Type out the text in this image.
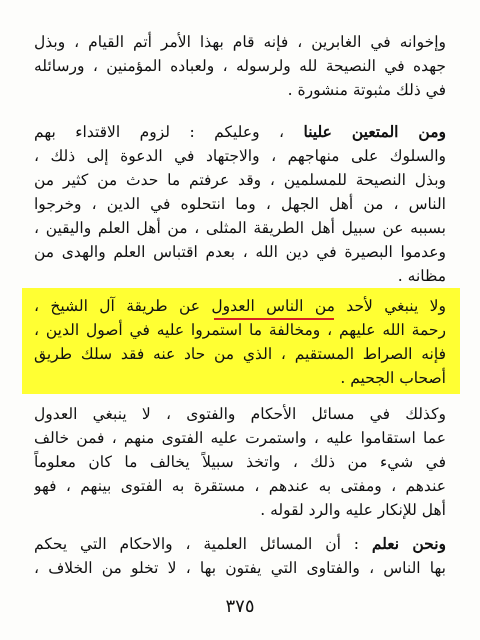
وإخوانه في الغابرين ، فإنه قام بهذا الأمر أتم القيام ، وبذل
جهده في النصيحة لله ولرسوله ، ولعباده المؤمنين ، ورسائله
في ذلك مثبوتة منشورة .
ومن المتعين علينا ، وعليكم : لزوم الاقتداء بهم
والسلوك على منهاجهم ، والاجتهاد في الدعوة إلى ذلك ،
وبذل النصيحة للمسلمين ، وقد عرفتم ما حدث من كثير من
الناس ، من أهل الجهل ، وما انتحلوه في الدين ، وخرجوا
بسببه عن سبيل أهل الطريقة المثلى ، من أهل العلم واليقين ،
وعدموا البصيرة في دين الله ، بعدم اقتباس العلم والهدى من
مظانه .
ولا ينبغي لأحد من الناس العدول عن طريقة آل الشيخ ،
رحمة الله عليهم ، ومخالفة ما استمروا عليه في أصول الدين ،
فإنه الصراط المستقيم ، الذي من حاد عنه فقد سلك طريق
أصحاب الجحيم .
وكذلك في مسائل الأحكام والفتوى ، لا ينبغي العدول
عما استقاموا عليه ، واستمرت عليه الفتوى منهم ، فمن خالف
في شيء من ذلك ، واتخذ سبيلاً يخالف ما كان معلوماً
عندهم ، ومفتى به عندهم ، مستقرة به الفتوى بينهم ، فهو
أهل للإنكار عليه والرد لقوله .
ونحن نعلم : أن المسائل العلمية ، والاحكام التي يحكم
بها الناس ، والفتاوى التي يفتون بها ، لا تخلو من الخلاف ،
٣٧٥
